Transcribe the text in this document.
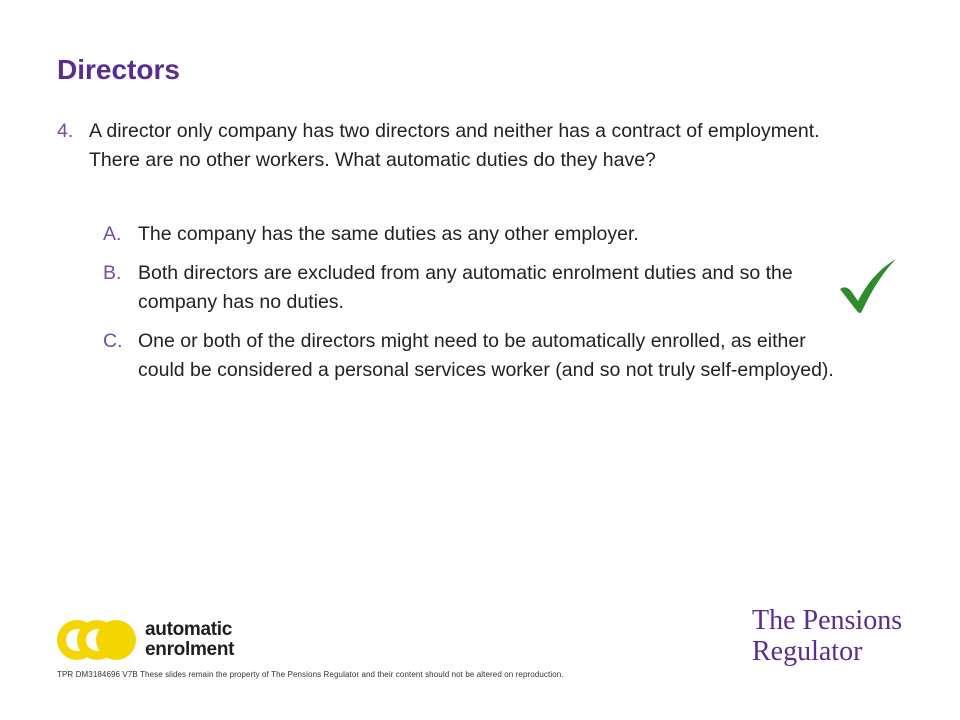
Directors
4. A director only company has two directors and neither has a contract of employment. There are no other workers. What automatic duties do they have?
A. The company has the same duties as any other employer.
B. Both directors are excluded from any automatic enrolment duties and so the company has no duties.
C. One or both of the directors might need to be automatically enrolled, as either could be considered a personal services worker (and so not truly self-employed).
automatic
enrolment
The Pensions
Regulator
TPR DM3184696 V7B These slides remain the property of The Pensions Regulator and their content should not be altered on reproduction.
